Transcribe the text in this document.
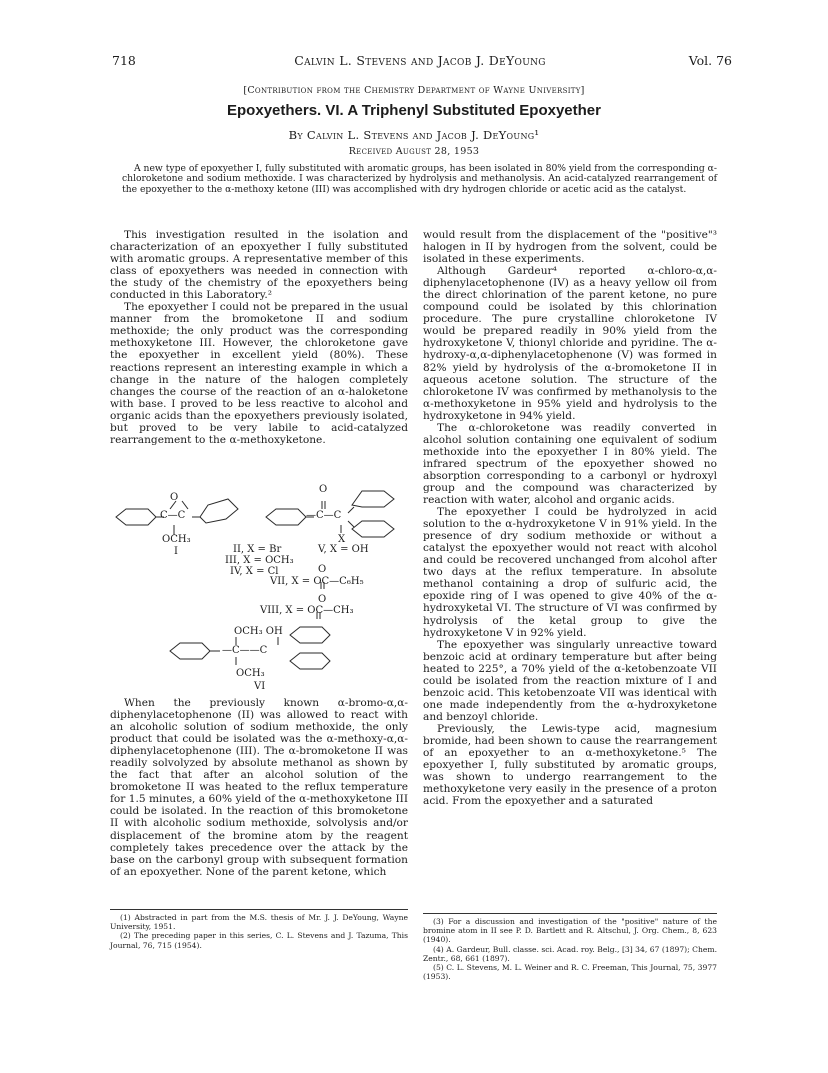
718	Calvin L. Stevens and Jacob J. DeYoung	Vol. 76
[Contribution from the Chemistry Department of Wayne University]
Epoxyethers. VI. A Triphenyl Substituted Epoxyether
By Calvin L. Stevens and Jacob J. DeYoung¹
Received August 28, 1953
A new type of epoxyether I, fully substituted with aromatic groups, has been isolated in 80% yield from the corresponding α-chloroketone and sodium methoxide. I was characterized by hydrolysis and methanolysis. An acid-catalyzed rearrangement of the epoxyether to the α-methoxy ketone (III) was accomplished with dry hydrogen chloride or acetic acid as the catalyst.

This investigation resulted in the isolation and characterization of an epoxyether I fully substituted with aromatic groups. A representative member of this class of epoxyethers was needed in connection with the study of the chemistry of the epoxyethers being conducted in this Laboratory.²

The epoxyether I could not be prepared in the usual manner from the bromoketone II and sodium methoxide; the only product was the corresponding methoxyketone III. However, the chloroketone gave the epoxyether in excellent yield (80%). These reactions represent an interesting example in which a change in the nature of the halogen completely changes the course of the reaction of an α-haloketone with base. I proved to be less reactive to alcohol and organic acids than the epoxyethers previously isolated, but proved to be very labile to acid-catalyzed rearrangement to the α-methoxyketone.

O
C—C
OCH₃
I
O
—C—C
X
II, X = Br
III, X = OCH₃
IV, X = Cl
V, X = OH
O
VII, X = OC—C₆H₅
O
VIII, X = OC—CH₃
OCH₃ OH
—C——C
OCH₃
VI

When the previously known α-bromo-α,α-diphenylacetophenone (II) was allowed to react with an alcoholic solution of sodium methoxide, the only product that could be isolated was the α-methoxy-α,α-diphenylacetophenone (III). The α-bromoketone II was readily solvolyzed by absolute methanol as shown by the fact that after an alcohol solution of the bromoketone II was heated to the reflux temperature for 1.5 minutes, a 60% yield of the α-methoxyketone III could be isolated. In the reaction of this bromoketone II with alcoholic sodium methoxide, solvolysis and/or displacement of the bromine atom by the reagent completely takes precedence over the attack by the base on the carbonyl group with subsequent formation of an epoxyether. None of the parent ketone, which

(1) Abstracted in part from the M.S. thesis of Mr. J. J. DeYoung, Wayne University, 1951.

(2) The preceding paper in this series, C. L. Stevens and J. Tazuma, This Journal, 76, 715 (1954).

would result from the displacement of the "positive"³ halogen in II by hydrogen from the solvent, could be isolated in these experiments.

Although Gardeur⁴ reported α-chloro-α,α-diphenylacetophenone (IV) as a heavy yellow oil from the direct chlorination of the parent ketone, no pure compound could be isolated by this chlorination procedure. The pure crystalline chloroketone IV would be prepared readily in 90% yield from the hydroxyketone V, thionyl chloride and pyridine. The α-hydroxy-α,α-diphenylacetophenone (V) was formed in 82% yield by hydrolysis of the α-bromoketone II in aqueous acetone solution. The structure of the chloroketone IV was confirmed by methanolysis to the α-methoxyketone in 95% yield and hydrolysis to the hydroxyketone in 94% yield.

The α-chloroketone was readily converted in alcohol solution containing one equivalent of sodium methoxide into the epoxyether I in 80% yield. The infrared spectrum of the epoxyether showed no absorption corresponding to a carbonyl or hydroxyl group and the compound was characterized by reaction with water, alcohol and organic acids.

The epoxyether I could be hydrolyzed in acid solution to the α-hydroxyketone V in 91% yield. In the presence of dry sodium methoxide or without a catalyst the epoxyether would not react with alcohol and could be recovered unchanged from alcohol after two days at the reflux temperature. In absolute methanol containing a drop of sulfuric acid, the epoxide ring of I was opened to give 40% of the α-hydroxyketal VI. The structure of VI was confirmed by hydrolysis of the ketal group to give the hydroxyketone V in 92% yield.

The epoxyether was singularly unreactive toward benzoic acid at ordinary temperature but after being heated to 225°, a 70% yield of the α-ketobenzoate VII could be isolated from the reaction mixture of I and benzoic acid. This ketobenzoate VII was identical with one made independently from the α-hydroxyketone and benzoyl chloride.

Previously, the Lewis-type acid, magnesium bromide, had been shown to cause the rearrangement of an epoxyether to an α-methoxyketone.⁵ The epoxyether I, fully substituted by aromatic groups, was shown to undergo rearrangement to the methoxyketone very easily in the presence of a proton acid. From the epoxyether and a saturated

(3) For a discussion and investigation of the "positive" nature of the bromine atom in II see P. D. Bartlett and R. Altschul, J. Org. Chem., 8, 623 (1940).

(4) A. Gardeur, Bull. classe. sci. Acad. roy. Belg., [3] 34, 67 (1897); Chem. Zentr., 68, 661 (1897).

(5) C. L. Stevens, M. L. Weiner and R. C. Freeman, This Journal, 75, 3977 (1953).
